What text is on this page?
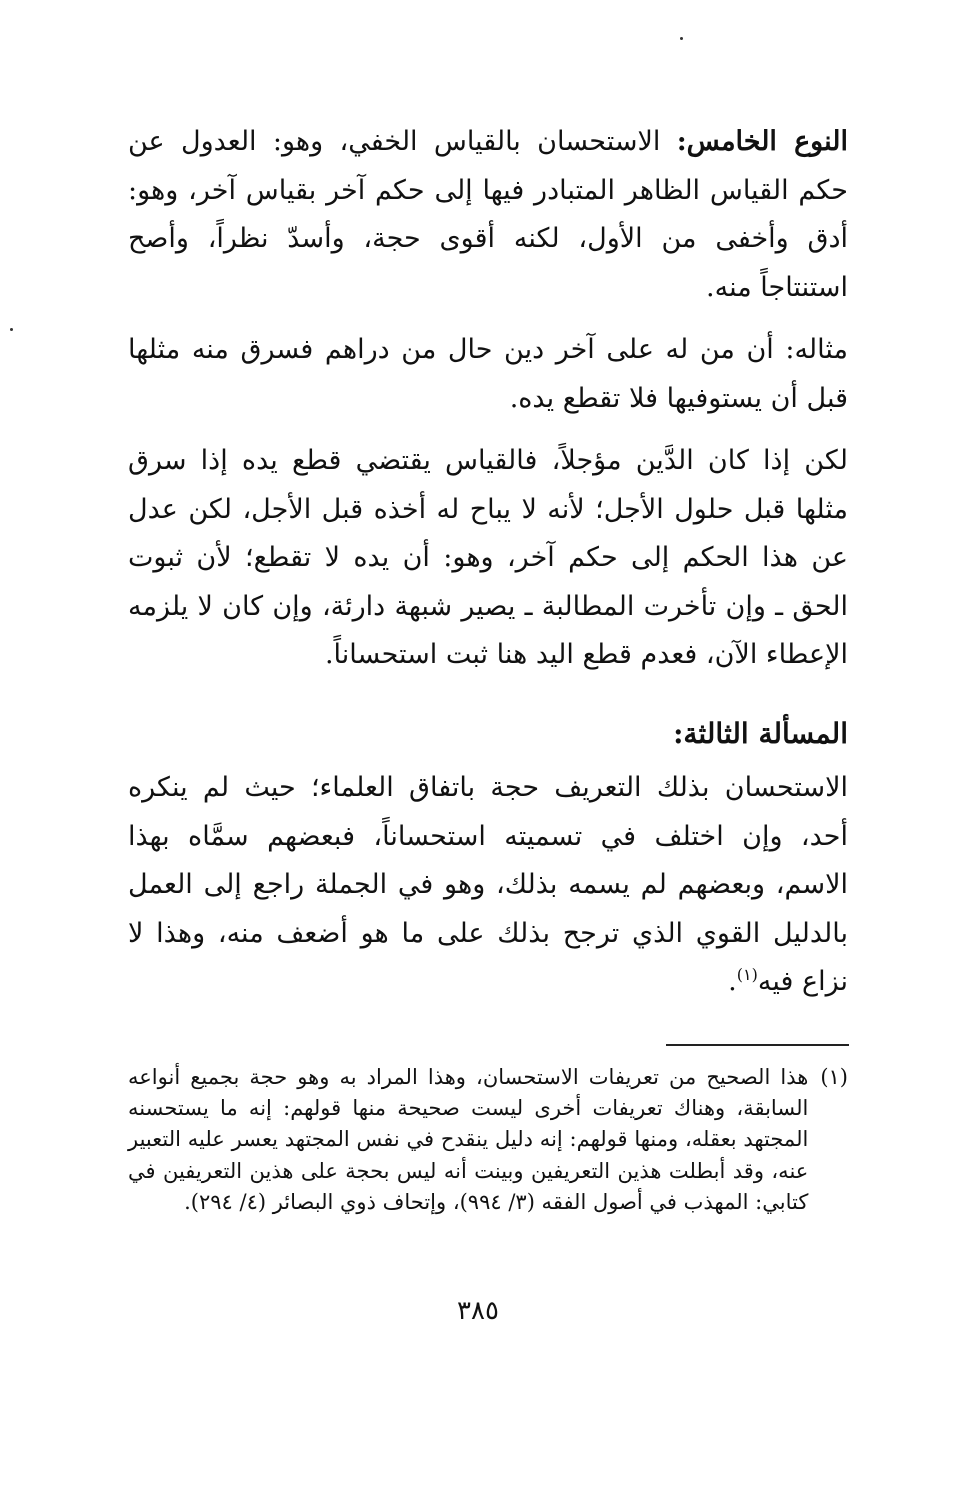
النوع الخامس: الاستحسان بالقياس الخفي، وهو: العدول عن حكم القياس الظاهر المتبادر فيها إلى حكم آخر بقياس آخر، وهو: أدق وأخفى من الأول، لكنه أقوى حجة، وأسدّ نظراً، وأصح استنتاجاً منه.

مثاله: أن من له على آخر دين حال من دراهم فسرق منه مثلها قبل أن يستوفيها فلا تقطع يده.

لكن إذا كان الدَّين مؤجلاً، فالقياس يقتضي قطع يده إذا سرق مثلها قبل حلول الأجل؛ لأنه لا يباح له أخذه قبل الأجل، لكن عدل عن هذا الحكم إلى حكم آخر، وهو: أن يده لا تقطع؛ لأن ثبوت الحق ـ وإن تأخرت المطالبة ـ يصير شبهة دارئة، وإن كان لا يلزمه الإعطاء الآن، فعدم قطع اليد هنا ثبت استحساناً.

المسألة الثالثة:

الاستحسان بذلك التعريف حجة باتفاق العلماء؛ حيث لم ينكره أحد، وإن اختلف في تسميته استحساناً، فبعضهم سمَّاه بهذا الاسم، وبعضهم لم يسمه بذلك، وهو في الجملة راجع إلى العمل بالدليل القوي الذي ترجح بذلك على ما هو أضعف منه، وهذا لا نزاع فيه$^{(١)}$.

(١)
هذا الصحيح من تعريفات الاستحسان، وهذا المراد به وهو حجة بجميع أنواعه السابقة، وهناك تعريفات أخرى ليست صحيحة منها قولهم: إنه ما يستحسنه المجتهد بعقله، ومنها قولهم: إنه دليل ينقدح في نفس المجتهد يعسر عليه التعبير عنه، وقد أبطلت هذين التعريفين وبينت أنه ليس بحجة على هذين التعريفين في كتابي: المهذب في أصول الفقه (٣/ ٩٩٤)، وإتحاف ذوي البصائر (٤/ ٢٩٤).
٣٨٥
